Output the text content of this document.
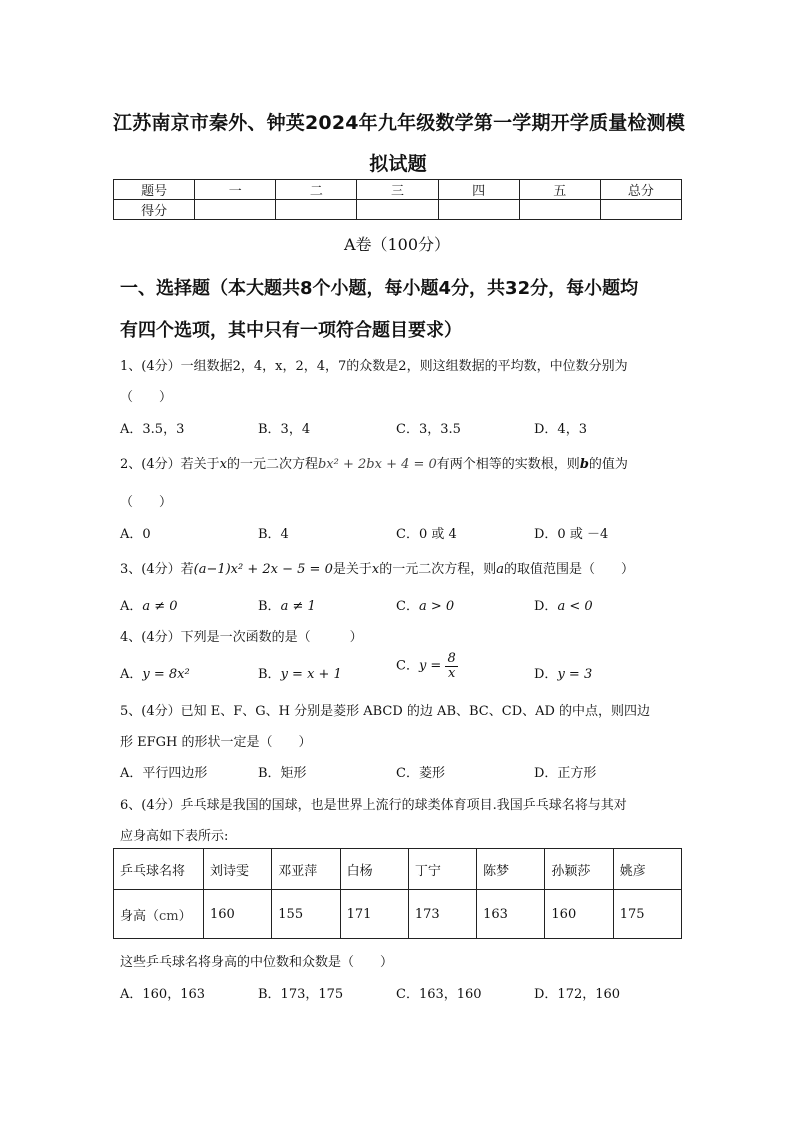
江苏南京市秦外、钟英2024年九年级数学第一学期开学质量检测模
拟试题
题号	一	二	三	四	五	总分
得分						
A卷（100分）
一、选择题（本大题共8个小题，每小题4分，共32分，每小题均
有四个选项，其中只有一项符合题目要求）
1、(4分）一组数据2，4，x，2，4，7的众数是2，则这组数据的平均数，中位数分别为
（　　）
A．3.5，3	B．3，4	C．3，3.5	D．4，3
2、(4分）若关于x的一元二次方程bx² + 2bx + 4 = 0有两个相等的实数根，则b的值为
（　　）
A．0	B．4	C．0 或 4	D．0 或 －4
3、(4分）若(a−1)x² + 2x − 5 = 0是关于x的一元二次方程，则a的取值范围是（　　）
A．a ≠ 0	B．a ≠ 1	C．a > 0	D．a < 0
4、(4分）下列是一次函数的是（　　　）
A．y = 8x²	B．y = x + 1
C．$y = \frac{8}{x}$	D．y = 3
5、(4分）已知 E、F、G、H 分别是菱形 ABCD 的边 AB、BC、CD、AD 的中点，则四边
形 EFGH 的形状一定是（　　）
A．平行四边形	B．矩形	C．菱形	D．正方形
6、(4分）乒乓球是我国的国球，也是世界上流行的球类体育项目.我国乒乓球名将与其对
应身高如下表所示:
乒乓球名将	刘诗雯	邓亚萍	白杨	丁宁	陈梦	孙颖莎	姚彦
身高（cm）	160	155	171	173	163	160	175
这些乒乓球名将身高的中位数和众数是（　　）
A．160，163	B．173，175	C．163，160	D．172，160
